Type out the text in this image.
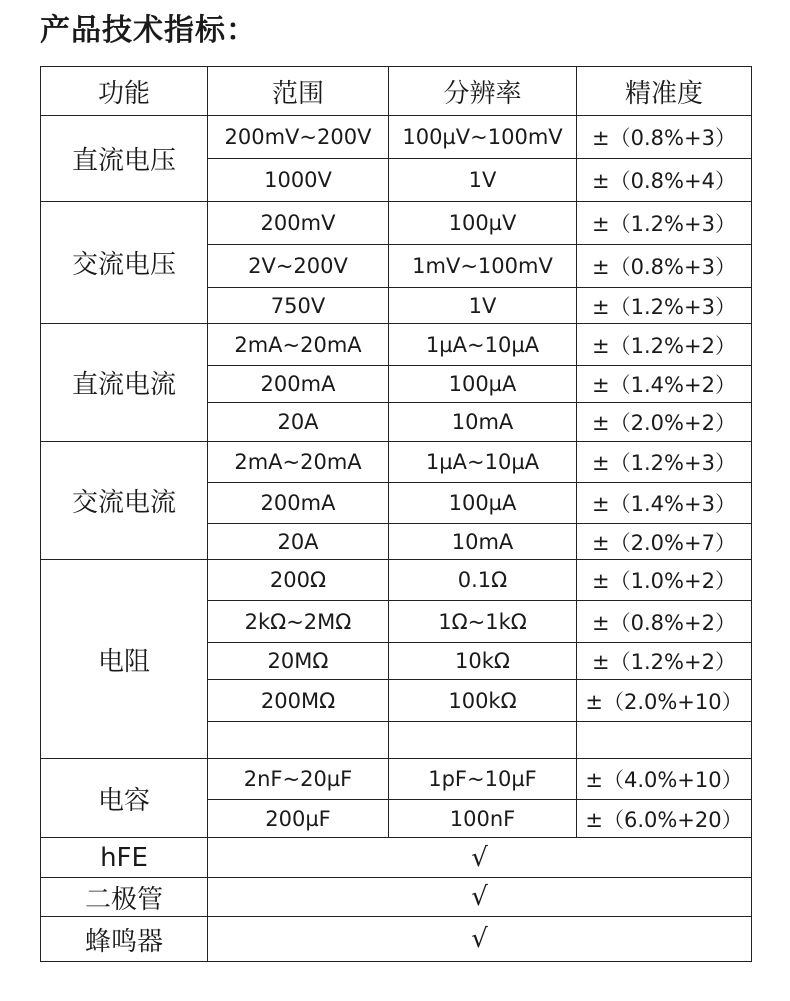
产品技术指标：
功能	范围	分辨率	精准度
直流电压	200mV~200V	100µV~100mV	±（0.8%+3）
	1000V	1V	±（0.8%+4）
交流电压	200mV	100µV	±（1.2%+3）
	2V~200V	1mV~100mV	±（0.8%+3）
	750V	1V	±（1.2%+3）
直流电流	2mA~20mA	1µA~10µA	±（1.2%+2）
	200mA	100µA	±（1.4%+2）
	20A	10mA	±（2.0%+2）
交流电流	2mA~20mA	1µA~10µA	±（1.2%+3）
	200mA	100µA	±（1.4%+3）
	20A	10mA	±（2.0%+7）
电阻	200Ω	0.1Ω	±（1.0%+2）
	2kΩ~2MΩ	1Ω~1kΩ	±（0.8%+2）
	20MΩ	10kΩ	±（1.2%+2）
	200MΩ	100kΩ	±（2.0%+10）

电容	2nF~20µF	1pF~10µF	±（4.0%+10）
	200µF	100nF	±（6.0%+20）
hFE	√		
二极管	√		
蜂鸣器	√		
